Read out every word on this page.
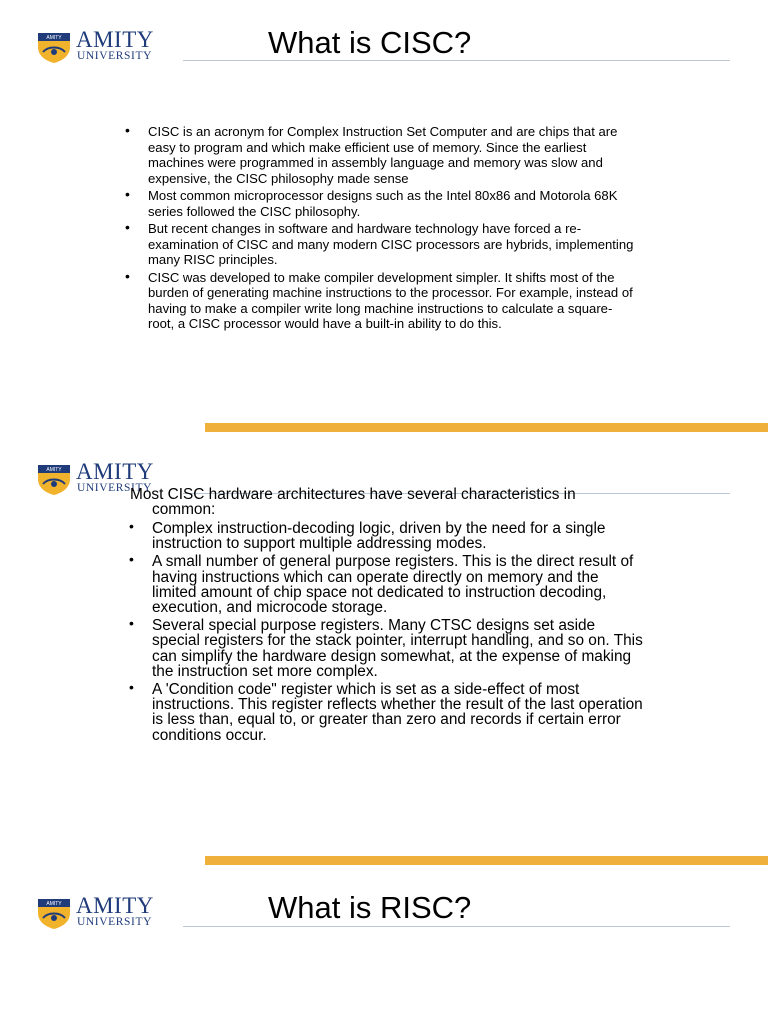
AMITY AMITY
UNIVERSITY	What is CISC?
• CISC is an acronym for Complex Instruction Set Computer and are chips that are easy to program and which make efficient use of memory. Since the earliest machines were programmed in assembly language and memory was slow and expensive, the CISC philosophy made sense
• Most common microprocessor designs such as the Intel 80x86 and Motorola 68K series followed the CISC philosophy.
• But recent changes in software and hardware technology have forced a re-examination of CISC and many modern CISC processors are hybrids, implementing many RISC principles.
• CISC was developed to make compiler development simpler. It shifts most of the burden of generating machine instructions to the processor. For example, instead of having to make a compiler write long machine instructions to calculate a square-root, a CISC processor would have a built-in ability to do this.
AMITY AMITY
UNIVERSITY
Most CISC hardware architectures have several characteristics in
common:
• Complex instruction-decoding logic, driven by the need for a single instruction to support multiple addressing modes.
• A small number of general purpose registers. This is the direct result of having instructions which can operate directly on memory and the limited amount of chip space not dedicated to instruction decoding, execution, and microcode storage.
• Several special purpose registers. Many CTSC designs set aside special registers for the stack pointer, interrupt handling, and so on. This can simplify the hardware design somewhat, at the expense of making the instruction set more complex.
• A 'Condition code" register which is set as a side-effect of most instructions. This register reflects whether the result of the last operation is less than, equal to, or greater than zero and records if certain error conditions occur.
AMITY AMITY
UNIVERSITY	What is RISC?
